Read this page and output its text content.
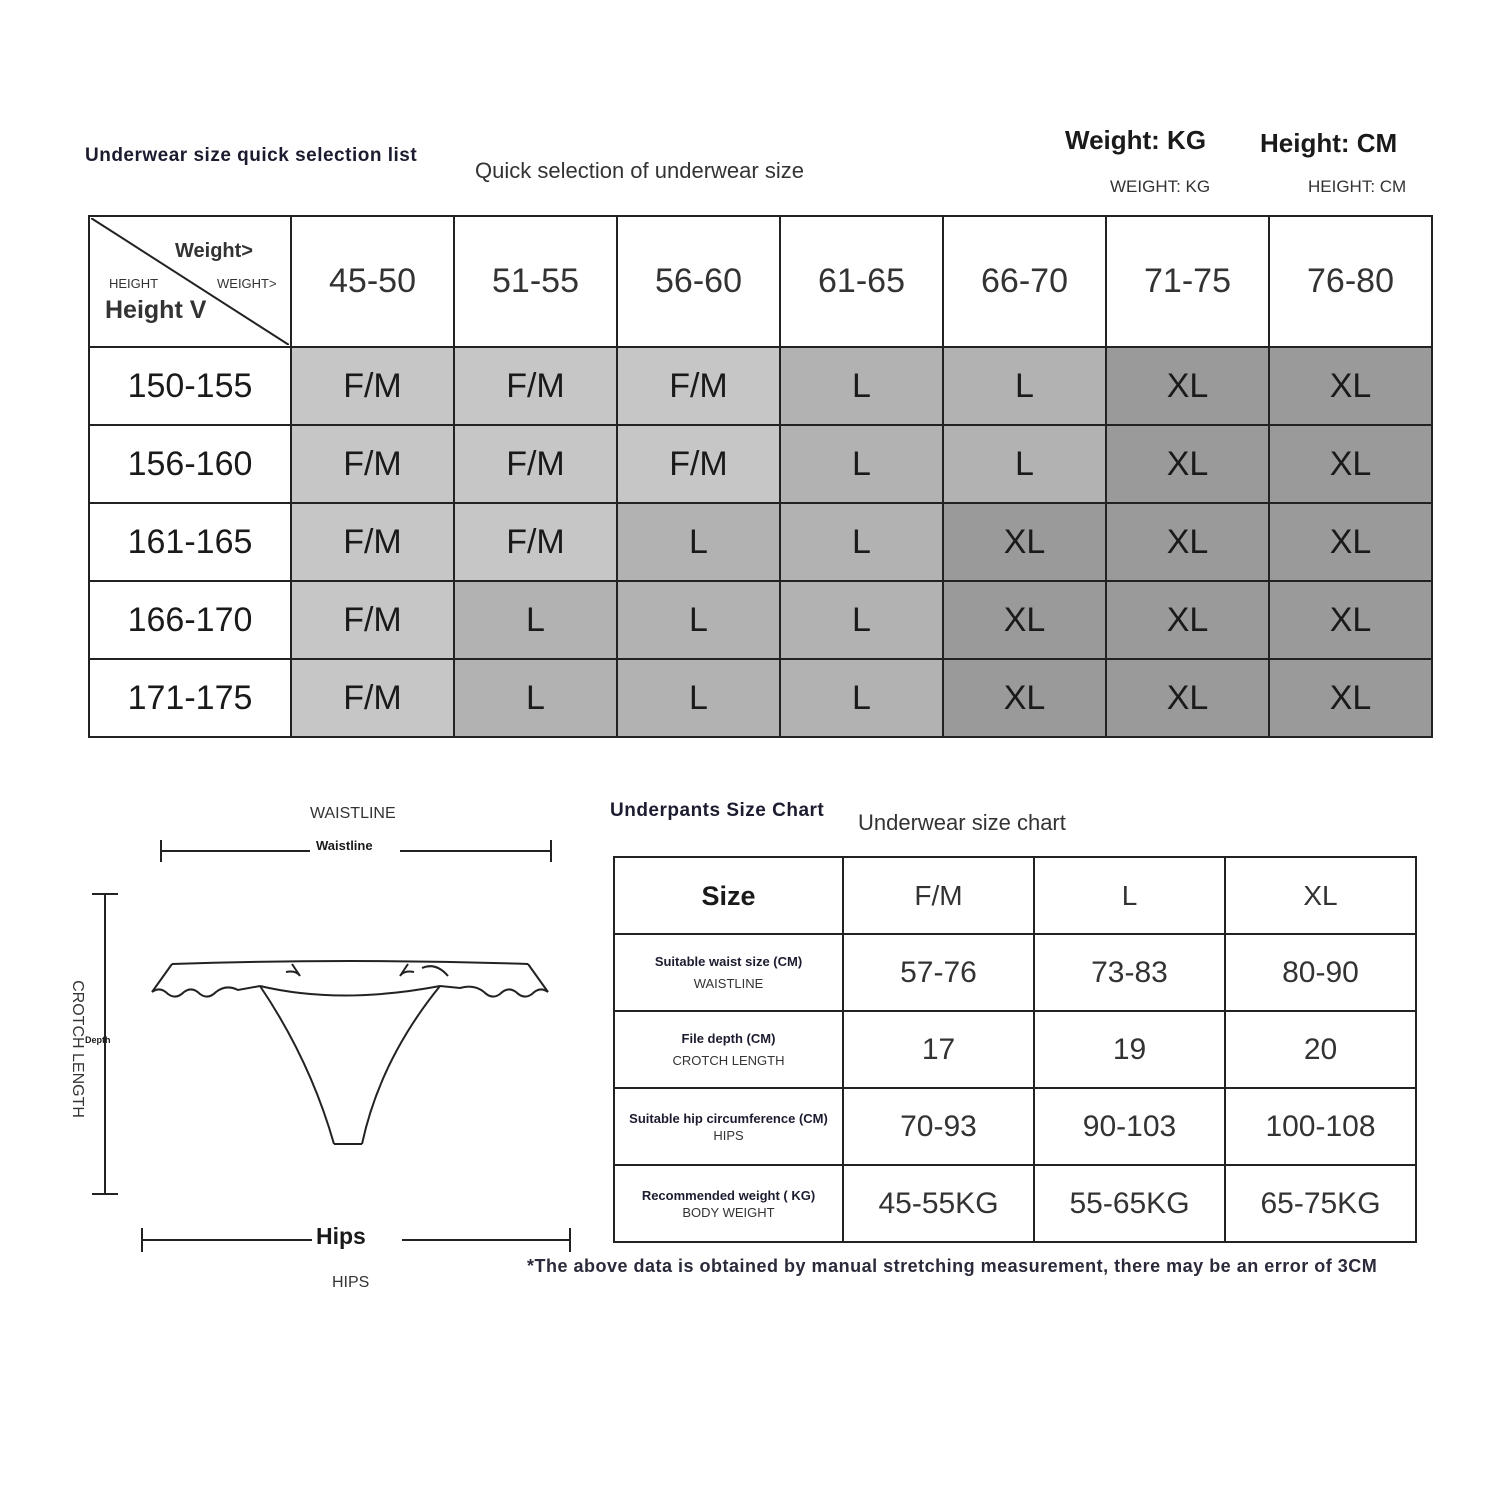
Underwear size quick selection list
Quick selection of underwear size
Weight: KG
WEIGHT: KG
Height: CM
HEIGHT: CM
Weight>
HEIGHT WEIGHT>
Height V	45-50	51-55	56-60	61-65	66-70	71-75	76-80
150-155	F/M	F/M	F/M	L	L	XL	XL
156-160	F/M	F/M	F/M	L	L	XL	XL
161-165	F/M	F/M	L	L	XL	XL	XL
166-170	F/M	L	L	L	XL	XL	XL
171-175	F/M	L	L	L	XL	XL	XL
WAISTLINE
Waistline
CROTCH LENGTH Depth
Hips
HIPS
Underpants Size Chart Underwear size chart
Size	F/M	L	XL
Suitable waist size (CM)
WAISTLINE	57-76	73-83	80-90
File depth (CM)
CROTCH LENGTH	17	19	20
Suitable hip circumference (CM)
HIPS	70-93	90-103	100-108
Recommended weight ( KG)
BODY WEIGHT	45-55KG	55-65KG	65-75KG
*The above data is obtained by manual stretching measurement, there may be an error of 3CM
